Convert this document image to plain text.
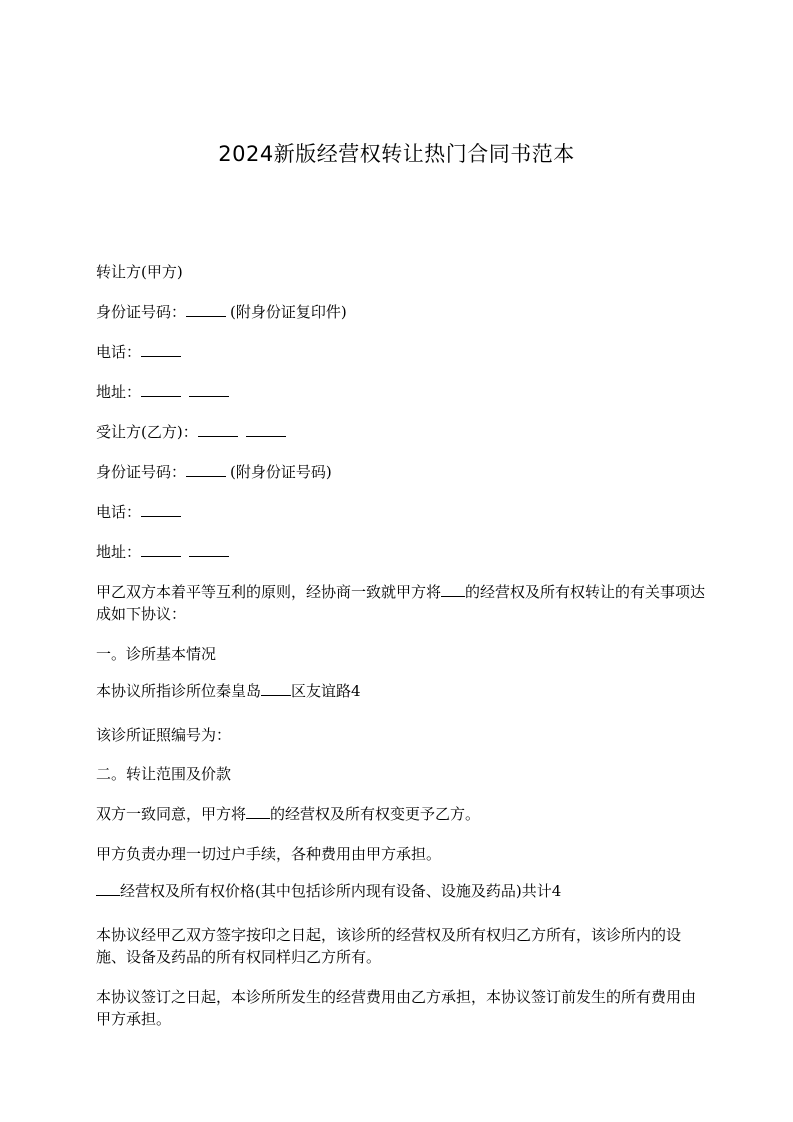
2024新版经营权转让热门合同书范本
转让方(甲方)
身份证号码：	(附身份证复印件)
电话：
地址：
受让方(乙方)：
身份证号码：	(附身份证号码)
电话：
地址：
甲乙双方本着平等互利的原则，经协商一致就甲方将 的经营权及所有权转让的有关事项达成如下协议：
一。诊所基本情况
本协议所指诊所位秦皇岛 区友谊路4
该诊所证照编号为：
二。转让范围及价款
双方一致同意，甲方将 的经营权及所有权变更予乙方。
甲方负责办理一切过户手续，各种费用由甲方承担。
经营权及所有权价格(其中包括诊所内现有设备、设施及药品)共计4
本协议经甲乙双方签字按印之日起，该诊所的经营权及所有权归乙方所有，该诊所内的设施、设备及药品的所有权同样归乙方所有。
本协议签订之日起，本诊所所发生的经营费用由乙方承担，本协议签订前发生的所有费用由甲方承担。
